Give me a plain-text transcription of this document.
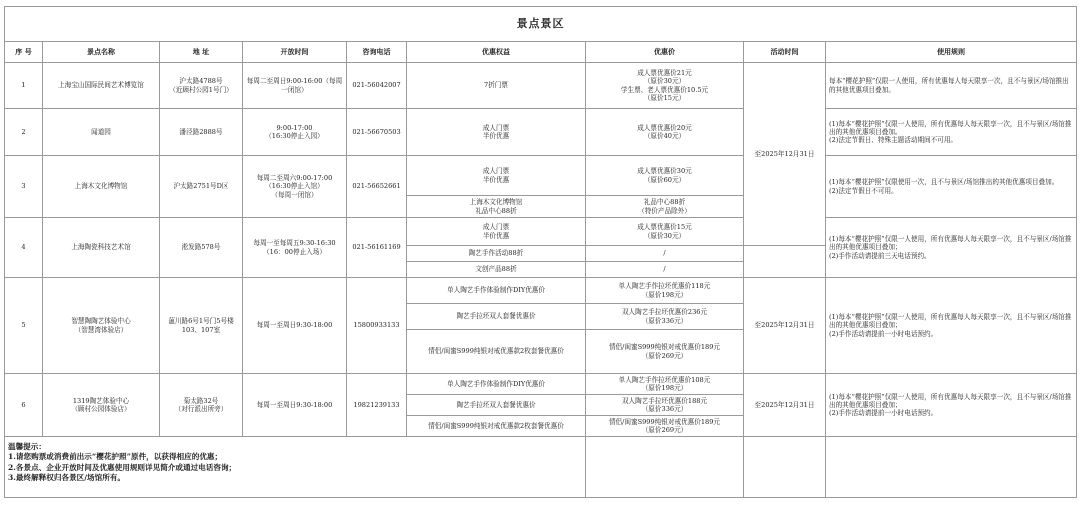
景点景区								
序 号	景点名称	地 址	开放时间	咨询电话	优惠权益	优惠价	活动时间	使用规则
1	上海宝山国际民间艺术博览馆	沪太路4788号
（近顾村公园1号门）	每周二至周日9:00-16:00（每周一闭馆）	021-56042007	7折门票	成人票优惠价21元
（原价30元）
学生票、老人票优惠价10.5元
（原价15元）	至2025年12月31日	每本“樱花护照”仅限一人使用，所有优惠每人每天限享一次，且不与景区/场馆推出的其他优惠项目叠加。
2	闻道园	潘泾路2888号	9:00-17:00
（16:30停止入园）	021-56670503	成人门票
半价优惠	成人票优惠价20元
（原价40元）		(1)每本“樱花护照”仅限一人使用，所有优惠每人每天限享一次，且不与景区/场馆推出的其他优惠项目叠加。
(2)法定节假日、特殊主题活动期间不可用。
3	上海木文化博物馆	沪太路2751号D区	每周二至周六9:00-17:00
（16:30停止入馆）
（每周一闭馆）	021-56652661	成人门票
半价优惠	成人票优惠价30元
（原价60元）		(1)每本“樱花护照”仅限使用一次，且不与景区/场馆推出的其他优惠项目叠加。
(2)法定节假日不可用。
					上海木文化博物馆
礼品中心88折	礼品中心88折
（特价产品除外）		
4	上海陶瓷科技艺术馆	淞发路578号	每周一至每周五9:30-16:30（16：00停止入场）	021-56161169	成人门票
半价优惠	成人票优惠价15元
（原价30元）		(1)每本“樱花护照”仅限一人使用，所有优惠每人每天限享一次，且不与景区/场馆推出的其他优惠项目叠加；
(2)手作活动请提前三天电话预约。
					陶艺手作活动88折	/		
					文创产品88折	/		
5	智慧陶陶艺体验中心
（智慧湾体验店）	蕰川路6号1号门5号楼103、107室	每周一至周日9:30-18:00	15800933133	单人陶艺手作体验制作DIY优惠价	单人陶艺手作拉坯优惠价118元
（原价198元）	至2025年12月31日	(1)每本“樱花护照”仅限一人使用，所有优惠每人每天限享一次，且不与景区/场馆推出的其他优惠项目叠加；
(2)手作活动请提前一小时电话预约。
					陶艺手拉坯双人套餐优惠价	双人陶艺手拉坯优惠价236元
（原价336元）		
					情侣/闺蜜S999纯银对戒优惠款2枚套餐优惠价	情侣/闺蜜S999纯银对戒优惠价189元
（原价269元）		
6	1319陶艺体验中心
（顾村公园体验店）	菊太路32号
（对行派出所旁）	每周一至周日9:30-18:00	19821239133	单人陶艺手作体验制作DIY优惠价	单人陶艺手作拉坯优惠价108元
（原价198元）	至2025年12月31日	(1)每本“樱花护照”仅限一人使用，所有优惠每人每天限享一次，且不与景区/场馆推出的其他优惠项目叠加；
(2)手作活动请提前一小时电话预约。
					陶艺手拉坯双人套餐优惠价	双人陶艺手拉坯优惠价188元
（原价336元）		
					情侣/闺蜜S999纯银对戒优惠款2枚套餐优惠价	情侣/闺蜜S999纯银对戒优惠价189元
（原价269元）		
温馨提示：
1.请您购票或消费前出示“樱花护照”原件，以获得相应的优惠；
2.各景点、企业开放时间及优惠使用规则详见简介或通过电话咨询；
3.最终解释权归各景区/场馆所有。								
